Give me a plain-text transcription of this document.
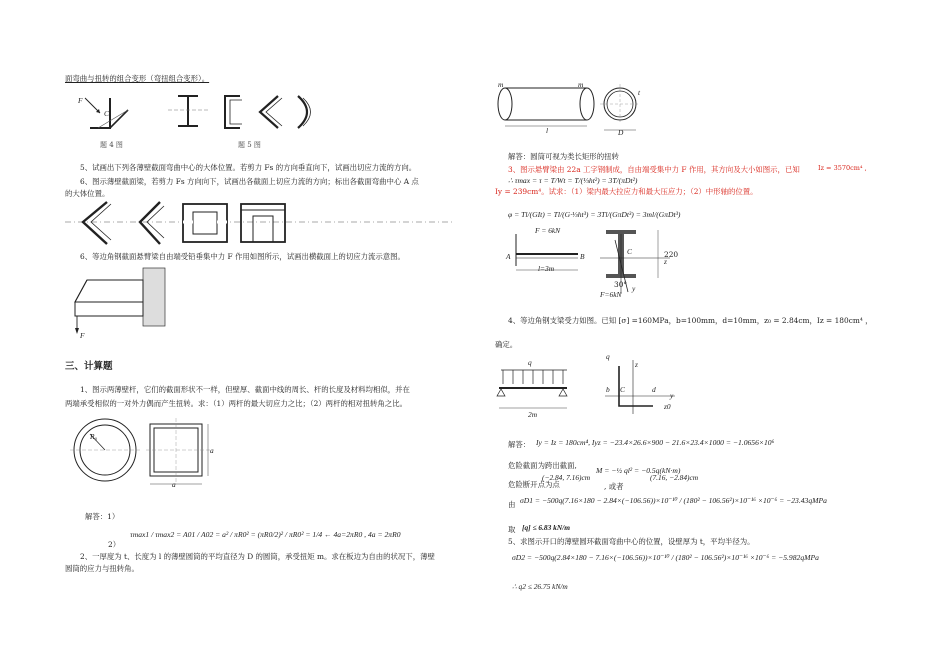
面弯曲与扭转的组合变形（弯扭组合变形）。
F
C
题 4 图	题 5 图
5、试画出下列各薄壁截面弯曲中心的大体位置。若剪力 Fs 的方向垂直向下，试画出切应力流的方向。
6、图示薄壁截面梁，若剪力 Fs 方向向下，试画出各截面上切应力流的方向；标出各截面弯曲中心 A 点
的大体位置。
6、等边角钢截面悬臂梁自由端受铅垂集中力 F 作用如图所示，试画出横截面上的切应力流示意图。
F
三、计算题
1、图示两薄壁杆，它们的截面形状不一样，但壁厚、截面中线的周长、杆的长度及材料均相似，并在
两端承受相似的一对外力偶而产生扭转。求：（1）两杆的最大切应力之比；（2）两杆的相对扭转角之比。
R₀
a
a
解答：1）
τmax1 / τmax2 = A01 / A02 = a² / πR0² = (πR0/2)² / πR0² = 1/4 ← 4a=2πR0 , 4a = 2πR0
2）
2、一厚度为 t、长度为 l 的薄壁圆筒的平均直径为 D 的圆筒，承受扭矩 m。求在板边为自由的状况下，薄壁
圆筒的应力与扭转角。
m	m
l
t
D
解答：圆筒可视为类长矩形的扭转
3、图示悬臂梁由 22a 工字钢制成，自由端受集中力 F 作用，其方向及大小如图示，已知	Iz = 3570cm⁴ ,
Iy = 239cm⁴。试求：（1）梁内最大拉应力和最大压应力；（2）中形轴的位置。
∴ τmax = τ = T/Wt = T/(⅓ht²) = 3T/(πDt²)
φ = Tl/(GIt) = Tl/(G·⅓ht³) = 3Tl/(GπDt³) = 3ml/(GπDt³)
F = 6kN
A	B
l=3m
220
z
y
C
30°
F=6kN
4、等边角钢支梁受力如图。已知 [σ] =160MPa，b=100mm，d=10mm，z₀ = 2.84cm，Iz = 180cm⁴ ，
确定。
q
2m
q
z
b C	d
y
z0
解答： Iy = Iz = 180cm⁴, Iyz = −23.4×26.6×900 − 21.6×23.4×1000 = −1.0656×10⁶
危险截面为跨出截面,
M = −½ ql² = −0.5q(kN·m)
危险断开点为点
(−2.84, 7.16)cm
, 或者
(7.16, −2.84)cm
由 σD1 = −500q(7.16×180 − 2.84×(−106.56))×10⁻¹⁰ / (180² − 106.56²)×10⁻¹⁶ ×10⁻⁶ = −23.43qMPa
取 [q] ≤ 6.83 kN/m
5、求图示开口的薄壁圆环截面弯曲中心的位置，设壁厚为 t，平均半径为。
σD2 = −500q(2.84×180 − 7.16×(−106.56))×10⁻¹⁰ / (180² − 106.56²)×10⁻¹⁶ ×10⁻⁶ = −5.982qMPa
∴ q2 ≤ 26.75 kN/m
